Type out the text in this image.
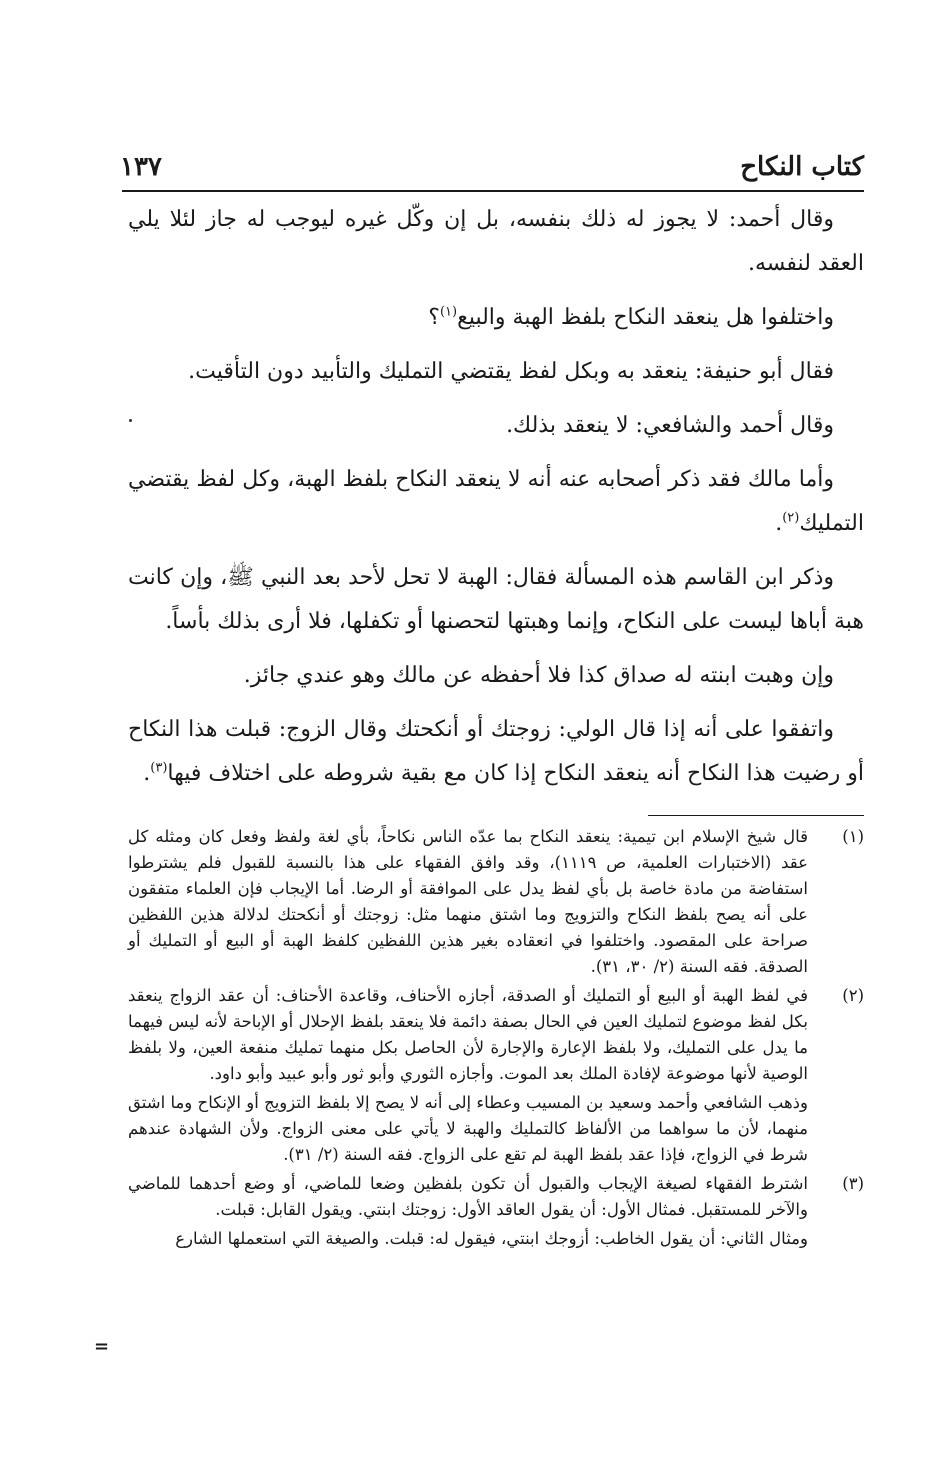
كتاب النكاح
١٣٧

وقال أحمد: لا يجوز له ذلك بنفسه، بل إن وكّل غيره ليوجب له جاز لئلا يلي العقد لنفسه.

واختلفوا هل ينعقد النكاح بلفظ الهبة والبيع$^{(١)}$؟

فقال أبو حنيفة: ينعقد به وبكل لفظ يقتضي التمليك والتأبيد دون التأقيت.

وقال أحمد والشافعي: لا ينعقد بذلك.

وأما مالك فقد ذكر أصحابه عنه أنه لا ينعقد النكاح بلفظ الهبة، وكل لفظ يقتضي التمليك$^{(٢)}$.

وذكر ابن القاسم هذه المسألة فقال: الهبة لا تحل لأحد بعد النبي ﷺ، وإن كانت هبة أباها ليست على النكاح، وإنما وهبتها لتحصنها أو تكفلها، فلا أرى بذلك بأساً.

وإن وهبت ابنته له صداق كذا فلا أحفظه عن مالك وهو عندي جائز.

واتفقوا على أنه إذا قال الولي: زوجتك أو أنكحتك وقال الزوج: قبلت هذا النكاح أو رضيت هذا النكاح أنه ينعقد النكاح إذا كان مع بقية شروطه على اختلاف فيها$^{(٣)}$.

(١)
قال شيخ الإسلام ابن تيمية: ينعقد النكاح بما عدّه الناس نكاحاً، بأي لغة ولفظ وفعل كان ومثله كل عقد (الاختبارات العلمية، ص ١١١٩)، وقد وافق الفقهاء على هذا بالنسبة للقبول فلم يشترطوا استفاضة من مادة خاصة بل بأي لفظ يدل على الموافقة أو الرضا. أما الإيجاب فإن العلماء متفقون على أنه يصح بلفظ النكاح والتزويج وما اشتق منهما مثل: زوجتك أو أنكحتك لدلالة هذين اللفظين صراحة على المقصود. واختلفوا في انعقاده بغير هذين اللفظين كلفظ الهبة أو البيع أو التمليك أو الصدقة. فقه السنة (٢/ ٣٠، ٣١).
(٢)
في لفظ الهبة أو البيع أو التمليك أو الصدقة، أجازه الأحناف، وقاعدة الأحناف: أن عقد الزواج ينعقد بكل لفظ موضوع لتمليك العين في الحال بصفة دائمة فلا ينعقد بلفظ الإحلال أو الإباحة لأنه ليس فيهما ما يدل على التمليك، ولا بلفظ الإعارة والإجارة لأن الحاصل بكل منهما تمليك منفعة العين، ولا بلفظ الوصية لأنها موضوعة لإفادة الملك بعد الموت. وأجازه الثوري وأبو ثور وأبو عبيد وأبو داود.
وذهب الشافعي وأحمد وسعيد بن المسيب وعطاء إلى أنه لا يصح إلا بلفظ التزويج أو الإنكاح وما اشتق منهما، لأن ما سواهما من الألفاظ كالتمليك والهبة لا يأتي على معنى الزواج. ولأن الشهادة عندهم شرط في الزواج، فإذا عقد بلفظ الهبة لم تقع على الزواج. فقه السنة (٢/ ٣١).
(٣)
اشترط الفقهاء لصيغة الإيجاب والقبول أن تكون بلفظين وضعا للماضي، أو وضع أحدهما للماضي والآخر للمستقبل. فمثال الأول: أن يقول العاقد الأول: زوجتك ابنتي. ويقول القابل: قبلت.
ومثال الثاني: أن يقول الخاطب: أزوجك ابنتي، فيقول له: قبلت. والصيغة التي استعملها الشارع
=
